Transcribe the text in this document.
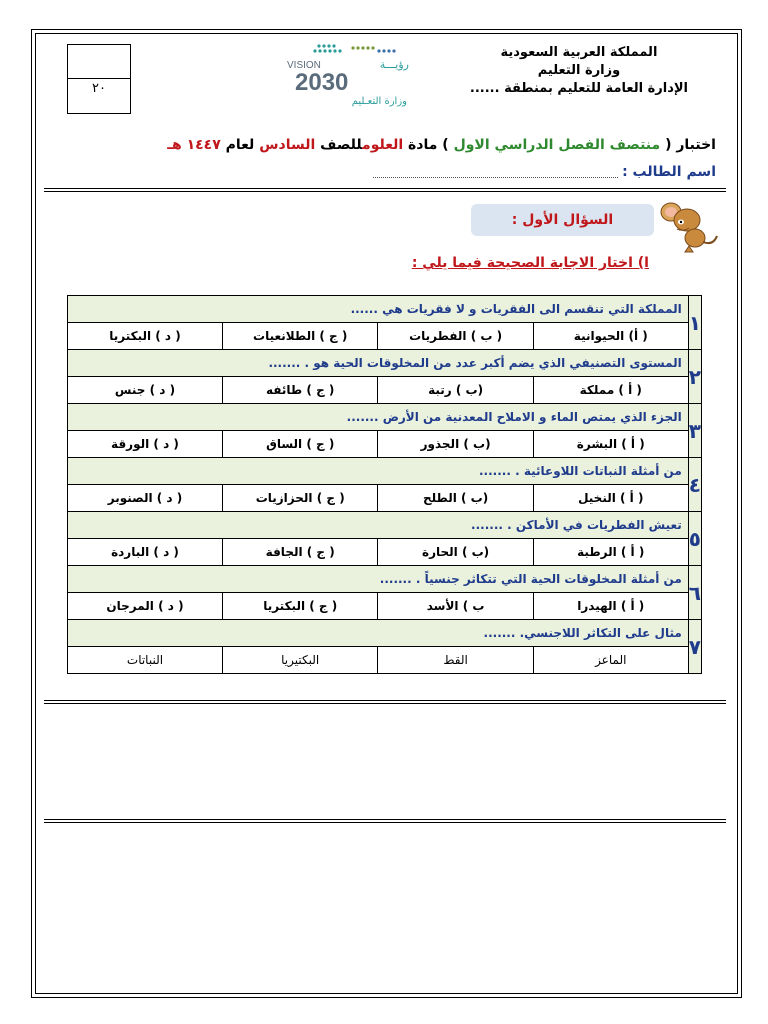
٢٠
VISION	رؤيـــة
2030
وزارة التعـليم
المملكة العربية السعودية
وزارة التعليم
الإدارة العامة للتعليم بمنطقة ......
اختبار ( منتصف الفصل الدراسي الاول ) مادة العلومللصف السادس لعام ١٤٤٧ هـ
اسم الطالب :
السؤال الأول :
ا) اختار الاجابة الصحيحة فيما يلي :
١	المملكة التي تنقسم الى الفقريات و لا فقريات هي ......			
	( أ) الحيوانية	( ب ) الفطريات	( ج ) الطلانعيات	( د ) البكتريا
٢	المستوى التصنيفي الذي يضم أكبر عدد من المخلوقات الحية هو . .......			
	( أ ) مملكة	(ب ) رتبة	( ج ) طائفه	( د ) جنس
٣	الجزء الذي يمتص الماء و الاملاح المعدنية من الأرض .......			
	( أ ) البشرة	(ب ) الجذور	( ج ) الساق	( د ) الورقة
٤	من أمثلة النباتات اللاوعائية . .......			
	( أ ) النخيل	(ب ) الطلح	( ج ) الحزازيات	( د ) الصنوبر
٥	تعيش الفطريات في الأماكن . .......			
	( أ ) الرطبة	(ب ) الحارة	( ج ) الجافة	( د ) الباردة
٦	من أمثلة المخلوقات الحية التي تتكاثر جنسياً . .......			
	( أ ) الهيدرا	ب ) الأسد	( ج ) البكتريا	( د ) المرجان
٧	مثال على التكاثر اللاجنسي. .......			
	الماعز	القط	البكتيريا	النباتات
